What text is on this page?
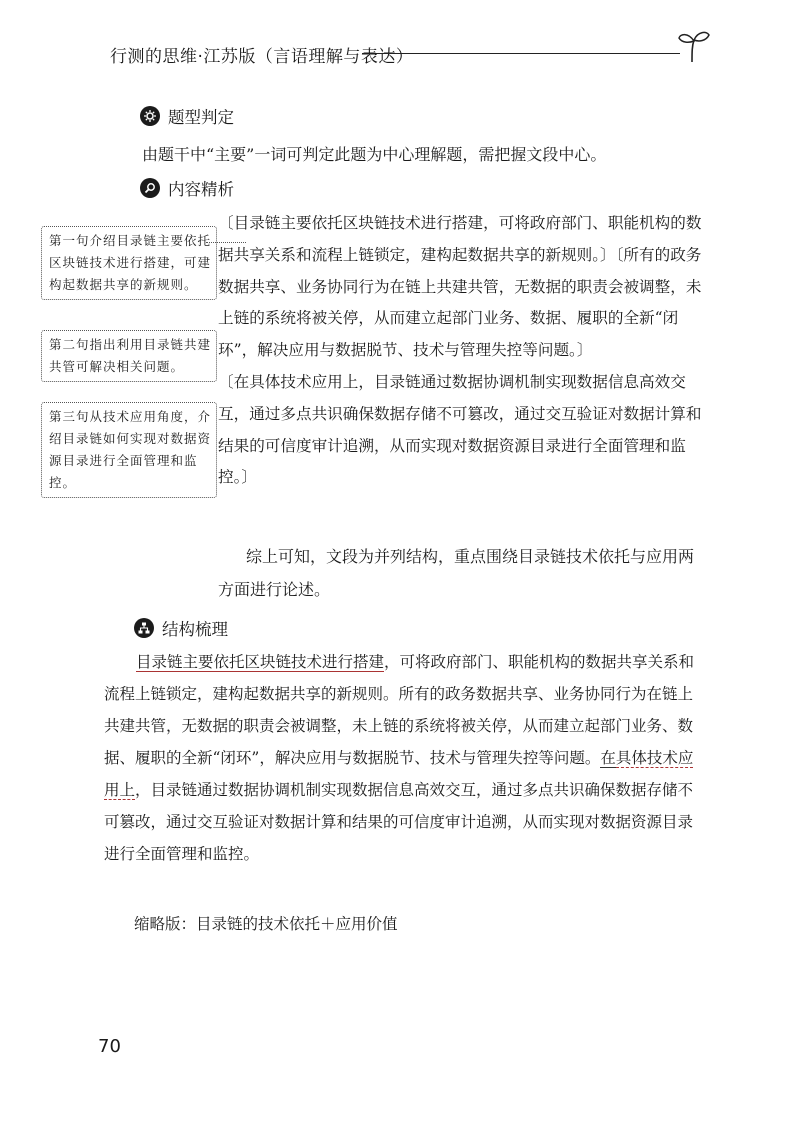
行测的思维·江苏版（言语理解与表达）
题型判定
由题干中“主要”一词可判定此题为中心理解题，需把握文段中心。
内容精析
〔目录链主要依托区块链技术进行搭建，可将政府部门、职能机构的数据共享关系和流程上链锁定，建构起数据共享的新规则。〕〔所有的政务数据共享、业务协同行为在链上共建共管，无数据的职责会被调整，未上链的系统将被关停，从而建立起部门业务、数据、履职的全新“闭环”，解决应用与数据脱节、技术与管理失控等问题。〕
〔在具体技术应用上，目录链通过数据协调机制实现数据信息高效交互，通过多点共识确保数据存储不可篡改，通过交互验证对数据计算和结果的可信度审计追溯，从而实现对数据资源目录进行全面管理和监控。〕
综上可知，文段为并列结构，重点围绕目录链技术依托与应用两方面进行论述。
第一句介绍目录链主要依托区块链技术进行搭建，可建构起数据共享的新规则。
第二句指出利用目录链共建共管可解决相关问题。
第三句从技术应用角度，介绍目录链如何实现对数据资源目录进行全面管理和监控。
结构梳理
目录链主要依托区块链技术进行搭建，可将政府部门、职能机构的数据共享关系和流程上链锁定，建构起数据共享的新规则。所有的政务数据共享、业务协同行为在链上共建共管，无数据的职责会被调整，未上链的系统将被关停，从而建立起部门业务、数据、履职的全新“闭环”，解决应用与数据脱节、技术与管理失控等问题。在具体技术应用上，目录链通过数据协调机制实现数据信息高效交互，通过多点共识确保数据存储不可篡改，通过交互验证对数据计算和结果的可信度审计追溯，从而实现对数据资源目录进行全面管理和监控。
缩略版：目录链的技术依托＋应用价值
70
